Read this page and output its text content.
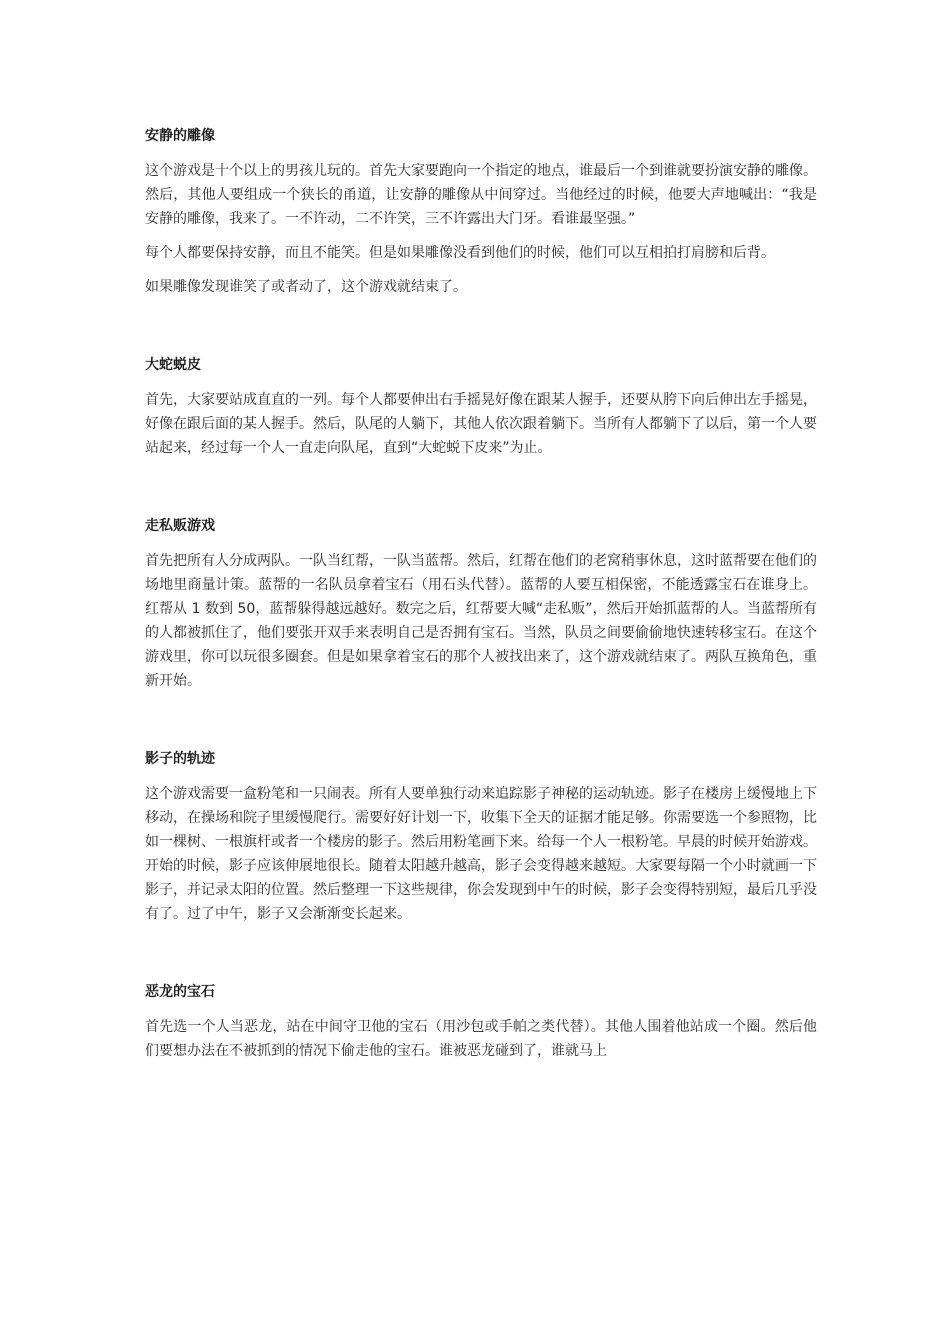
安静的雕像

这个游戏是十个以上的男孩儿玩的。首先大家要跑向一个指定的地点，谁最后一个到谁就要扮演安静的雕像。然后，其他人要组成一个狭长的甬道，让安静的雕像从中间穿过。当他经过的时候，他要大声地喊出：“我是安静的雕像，我来了。一不许动，二不许笑，三不许露出大门牙。看谁最坚强。”

每个人都要保持安静，而且不能笑。但是如果雕像没看到他们的时候，他们可以互相拍打肩膀和后背。

如果雕像发现谁笑了或者动了，这个游戏就结束了。

大蛇蜕皮

首先，大家要站成直直的一列。每个人都要伸出右手摇晃好像在跟某人握手，还要从胯下向后伸出左手摇晃，好像在跟后面的某人握手。然后，队尾的人躺下，其他人依次跟着躺下。当所有人都躺下了以后，第一个人要站起来，经过每一个人一直走向队尾，直到“大蛇蜕下皮来”为止。

走私贩游戏

首先把所有人分成两队。一队当红帮，一队当蓝帮。然后，红帮在他们的老窝稍事休息，这时蓝帮要在他们的场地里商量计策。蓝帮的一名队员拿着宝石（用石头代替）。蓝帮的人要互相保密，不能透露宝石在谁身上。红帮从 1 数到 50，蓝帮躲得越远越好。数完之后，红帮要大喊“走私贩”，然后开始抓蓝帮的人。当蓝帮所有的人都被抓住了，他们要张开双手来表明自己是否拥有宝石。当然，队员之间要偷偷地快速转移宝石。在这个游戏里，你可以玩很多圈套。但是如果拿着宝石的那个人被找出来了，这个游戏就结束了。两队互换角色，重新开始。

影子的轨迹

这个游戏需要一盒粉笔和一只闹表。所有人要单独行动来追踪影子神秘的运动轨迹。影子在楼房上缓慢地上下移动，在操场和院子里缓慢爬行。需要好好计划一下，收集下全天的证据才能足够。你需要选一个参照物，比如一棵树、一根旗杆或者一个楼房的影子。然后用粉笔画下来。给每一个人一根粉笔。早晨的时候开始游戏。开始的时候，影子应该伸展地很长。随着太阳越升越高，影子会变得越来越短。大家要每隔一个小时就画一下影子，并记录太阳的位置。然后整理一下这些规律，你会发现到中午的时候，影子会变得特别短，最后几乎没有了。过了中午，影子又会渐渐变长起来。

恶龙的宝石

首先选一个人当恶龙，站在中间守卫他的宝石（用沙包或手帕之类代替）。其他人围着他站成一个圈。然后他们要想办法在不被抓到的情况下偷走他的宝石。谁被恶龙碰到了，谁就马上
